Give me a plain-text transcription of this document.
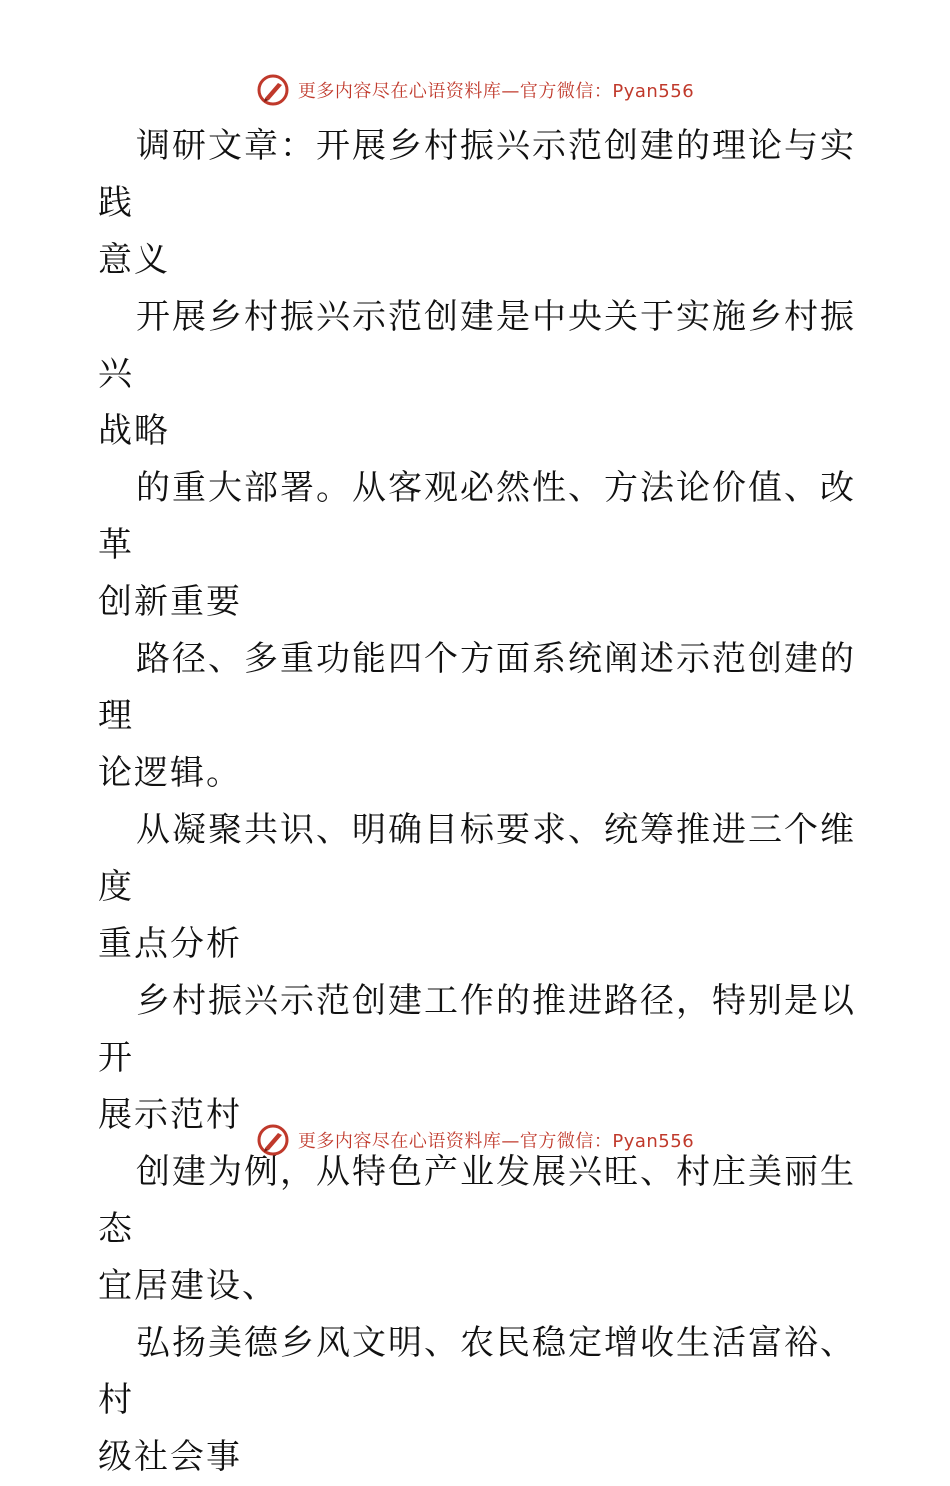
更多内容尽在心语资料库—官方微信：Pyan556

调研文章：开展乡村振兴示范创建的理论与实践
意义

开展乡村振兴示范创建是中央关于实施乡村振兴
战略

的重大部署。从客观必然性、方法论价值、改革
创新重要

路径、多重功能四个方面系统阐述示范创建的理
论逻辑。

从凝聚共识、明确目标要求、统筹推进三个维度
重点分析

乡村振兴示范创建工作的推进路径，特别是以开
展示范村

创建为例，从特色产业发展兴旺、村庄美丽生态
宜居建设、

弘扬美德乡风文明、农民稳定增收生活富裕、村
级社会事

更多内容尽在心语资料库—官方微信：Pyan556
